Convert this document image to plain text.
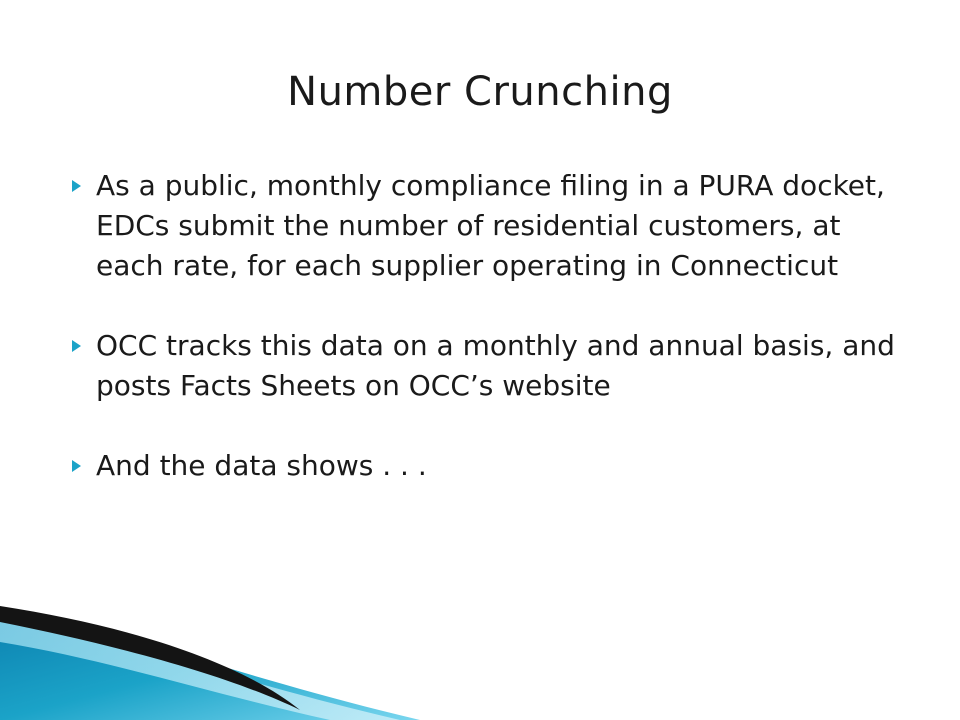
Number Crunching
As a public, monthly compliance filing in a PURA docket, EDCs submit the number of residential customers, at each rate, for each supplier operating in Connecticut
OCC tracks this data on a monthly and annual basis, and posts Facts Sheets on OCC’s website
And the data shows . . .
